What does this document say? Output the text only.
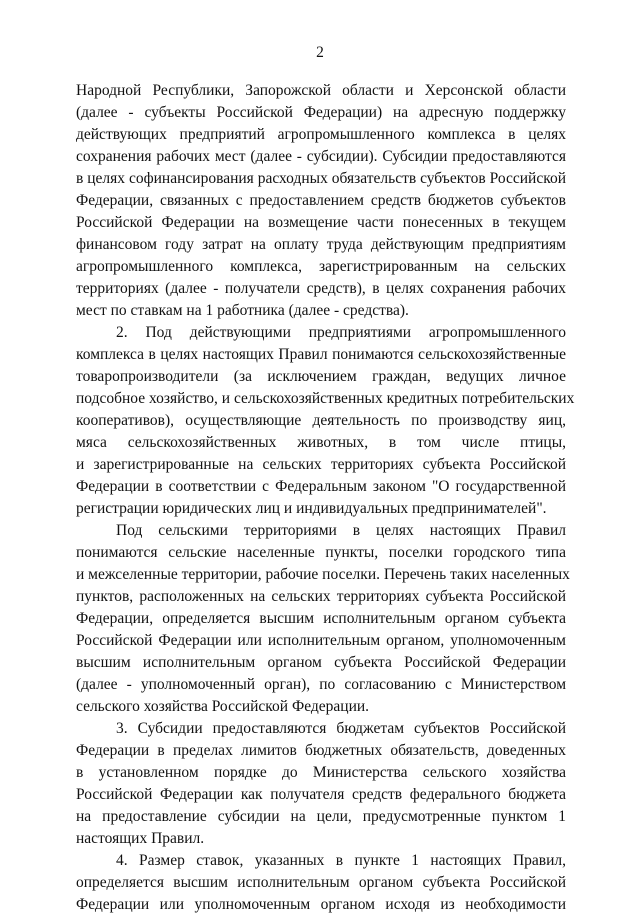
2
Народной Республики, Запорожской области и Херсонской области
(далее - субъекты Российской Федерации) на адресную поддержку
действующих предприятий агропромышленного комплекса в целях
сохранения рабочих мест (далее - субсидии). Субсидии предоставляются
в целях софинансирования расходных обязательств субъектов Российской
Федерации, связанных с предоставлением средств бюджетов субъектов
Российской Федерации на возмещение части понесенных в текущем
финансовом году затрат на оплату труда действующим предприятиям
агропромышленного комплекса, зарегистрированным на сельских
территориях (далее - получатели средств), в целях сохранения рабочих
мест по ставкам на 1 работника (далее - средства).
2. Под действующими предприятиями агропромышленного
комплекса в целях настоящих Правил понимаются сельскохозяйственные
товаропроизводители (за исключением граждан, ведущих личное
подсобное хозяйство, и сельскохозяйственных кредитных потребительских
кооперативов), осуществляющие деятельность по производству яиц,
мяса сельскохозяйственных животных, в том числе птицы,
и зарегистрированные на сельских территориях субъекта Российской
Федерации в соответствии с Федеральным законом "О государственной
регистрации юридических лиц и индивидуальных предпринимателей".
Под сельскими территориями в целях настоящих Правил
понимаются сельские населенные пункты, поселки городского типа
и межселенные территории, рабочие поселки. Перечень таких населенных
пунктов, расположенных на сельских территориях субъекта Российской
Федерации, определяется высшим исполнительным органом субъекта
Российской Федерации или исполнительным органом, уполномоченным
высшим исполнительным органом субъекта Российской Федерации
(далее - уполномоченный орган), по согласованию с Министерством
сельского хозяйства Российской Федерации.
3. Субсидии предоставляются бюджетам субъектов Российской
Федерации в пределах лимитов бюджетных обязательств, доведенных
в установленном порядке до Министерства сельского хозяйства
Российской Федерации как получателя средств федерального бюджета
на предоставление субсидии на цели, предусмотренные пунктом 1
настоящих Правил.
4. Размер ставок, указанных в пункте 1 настоящих Правил,
определяется высшим исполнительным органом субъекта Российской
Федерации или уполномоченным органом исходя из необходимости
